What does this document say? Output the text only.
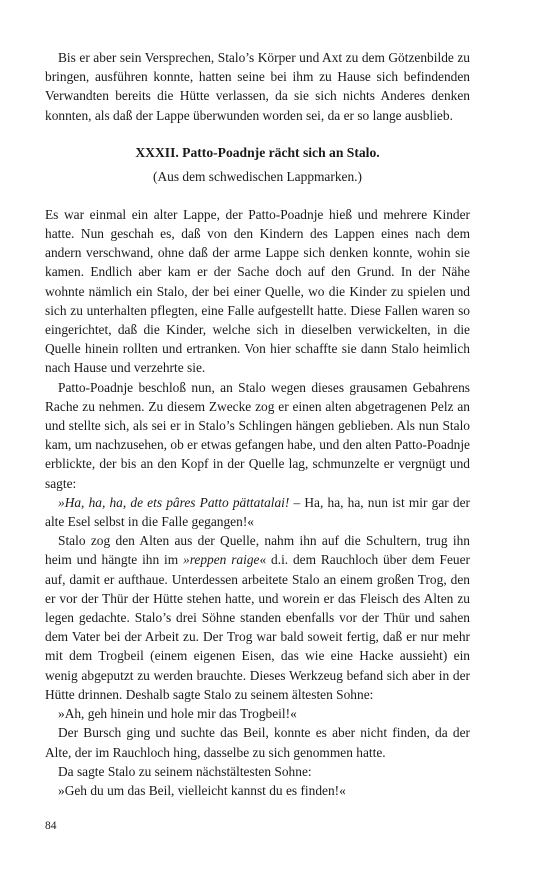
Bis er aber sein Versprechen, Stalo’s Körper und Axt zu dem Götzenbilde zu bringen, ausführen konnte, hatten seine bei ihm zu Hause sich befindenden Verwandten bereits die Hütte verlassen, da sie sich nichts Anderes denken konnten, als daß der Lappe überwunden worden sei, da er so lange ausblieb.

XXXII. Patto-Poadnje rächt sich an Stalo.

(Aus dem schwedischen Lappmarken.)

Es war einmal ein alter Lappe, der Patto-Poadnje hieß und mehrere Kinder hatte. Nun geschah es, daß von den Kindern des Lappen eines nach dem andern verschwand, ohne daß der arme Lappe sich denken konnte, wohin sie kamen. Endlich aber kam er der Sache doch auf den Grund. In der Nähe wohnte nämlich ein Stalo, der bei einer Quelle, wo die Kinder zu spielen und sich zu unterhalten pflegten, eine Falle aufgestellt hatte. Diese Fallen waren so eingerichtet, daß die Kinder, welche sich in dieselben verwickelten, in die Quelle hinein rollten und ertranken. Von hier schaffte sie dann Stalo heimlich nach Hause und verzehrte sie.

Patto-Poadnje beschloß nun, an Stalo wegen dieses grausamen Gebahrens Rache zu nehmen. Zu diesem Zwecke zog er einen alten abgetragenen Pelz an und stellte sich, als sei er in Stalo’s Schlingen hängen geblieben. Als nun Stalo kam, um nachzusehen, ob er etwas gefangen habe, und den alten Patto-Poadnje erblickte, der bis an den Kopf in der Quelle lag, schmunzelte er vergnügt und sagte:

»Ha, ha, ha, de ets pâres Patto pättatalai! – Ha, ha, ha, nun ist mir gar der alte Esel selbst in die Falle gegangen!«

Stalo zog den Alten aus der Quelle, nahm ihn auf die Schultern, trug ihn heim und hängte ihn im »reppen raige« d.i. dem Rauchloch über dem Feuer auf, damit er aufthaue. Unterdessen arbeitete Stalo an einem großen Trog, den er vor der Thür der Hütte stehen hatte, und worein er das Fleisch des Alten zu legen gedachte. Stalo’s drei Söhne standen ebenfalls vor der Thür und sahen dem Vater bei der Arbeit zu. Der Trog war bald soweit fertig, daß er nur mehr mit dem Trogbeil (einem eigenen Eisen, das wie eine Hacke aussieht) ein wenig abgeputzt zu werden brauchte. Dieses Werkzeug befand sich aber in der Hütte drinnen. Deshalb sagte Stalo zu seinem ältesten Sohne:

»Ah, geh hinein und hole mir das Trogbeil!«

Der Bursch ging und suchte das Beil, konnte es aber nicht finden, da der Alte, der im Rauchloch hing, dasselbe zu sich genommen hatte.

Da sagte Stalo zu seinem nächstältesten Sohne:

»Geh du um das Beil, vielleicht kannst du es finden!«

84
